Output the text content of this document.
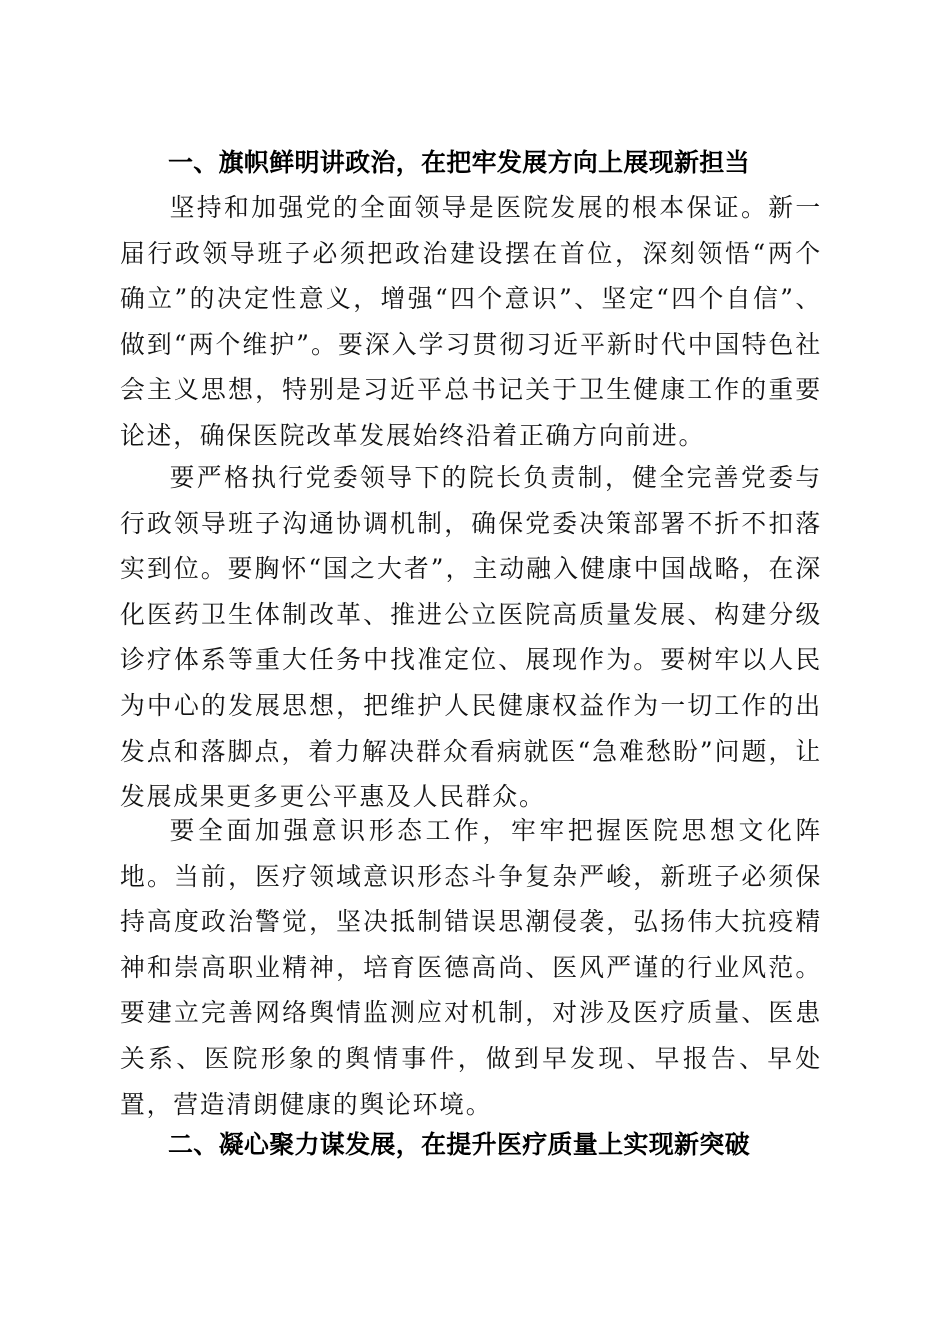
一、旗帜鲜明讲政治，在把牢发展方向上展现新担当

坚持和加强党的全面领导是医院发展的根本保证。新一届行政领导班子必须把政治建设摆在首位，深刻领悟“两个确立”的决定性意义，增强“四个意识”、坚定“四个自信”、做到“两个维护”。要深入学习贯彻习近平新时代中国特色社会主义思想，特别是习近平总书记关于卫生健康工作的重要论述，确保医院改革发展始终沿着正确方向前进。

要严格执行党委领导下的院长负责制，健全完善党委与行政领导班子沟通协调机制，确保党委决策部署不折不扣落实到位。要胸怀“国之大者”，主动融入健康中国战略，在深化医药卫生体制改革、推进公立医院高质量发展、构建分级诊疗体系等重大任务中找准定位、展现作为。要树牢以人民为中心的发展思想，把维护人民健康权益作为一切工作的出发点和落脚点，着力解决群众看病就医“急难愁盼”问题，让发展成果更多更公平惠及人民群众。

要全面加强意识形态工作，牢牢把握医院思想文化阵地。当前，医疗领域意识形态斗争复杂严峻，新班子必须保持高度政治警觉，坚决抵制错误思潮侵袭，弘扬伟大抗疫精神和崇高职业精神，培育医德高尚、医风严谨的行业风范。要建立完善网络舆情监测应对机制，对涉及医疗质量、医患关系、医院形象的舆情事件，做到早发现、早报告、早处置，营造清朗健康的舆论环境。

二、凝心聚力谋发展，在提升医疗质量上实现新突破
